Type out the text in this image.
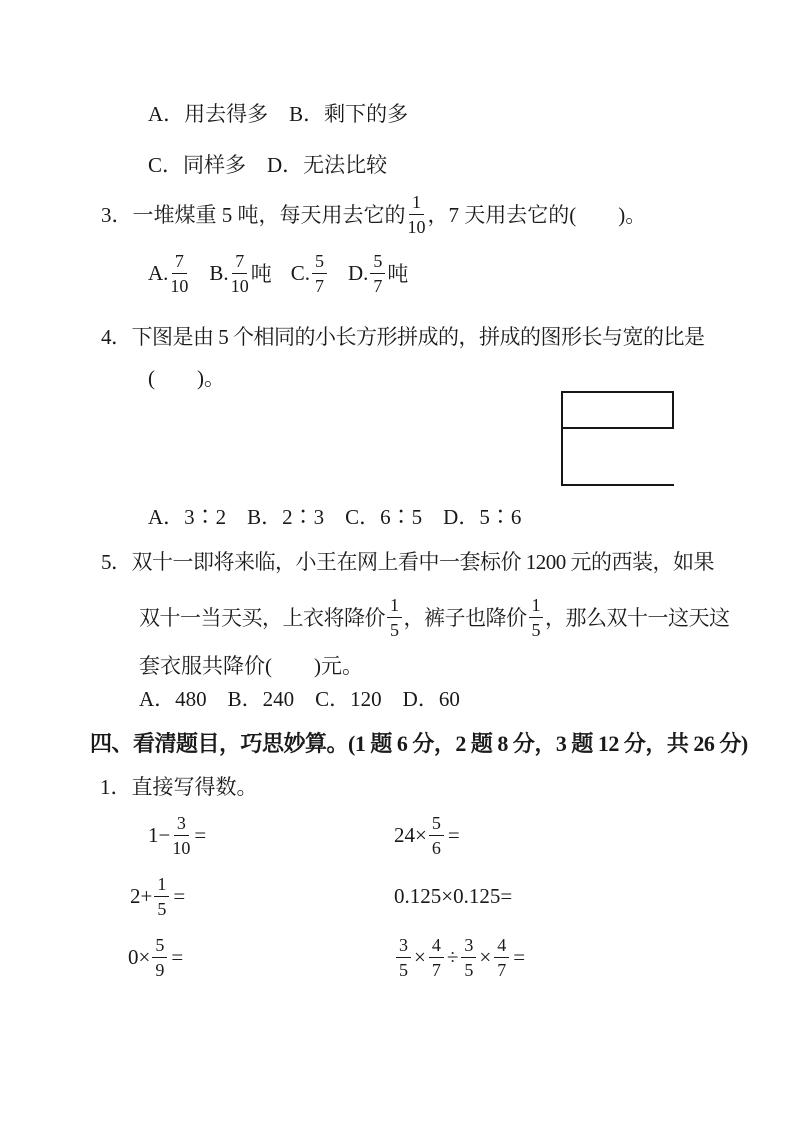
A．用去得多　B．剩下的多
C．同样多　D．无法比较
3． 一堆煤重 5 吨，每天用去它的 $\frac{1}{10}$ ，7 天用去它的(　　)。
A. $\frac{7}{10} B$. $\frac{7}{10}$ 吨 C. $\frac{5}{7} D$. $\frac{5}{7}$ 吨
4．下图是由 5 个相同的小长方形拼成的，拼成的图形长与宽的比是
(　　)。
A．3∶2　B．2∶3　C．6∶5　D．5∶6
5．双十一即将来临，小王在网上看中一套标价 1200 元的西装，如果
双十一当天买，上衣将降价 $\frac{1}{5}$ ，裤子也降价 $\frac{1}{5}$ ，那么双十一这天这
套衣服共降价(　　)元。
A．480　B．240　C．120　D．60
四、看清题目，巧思妙算。(1 题 6 分，2 题 8 分，3 题 12 分，共 26 分)
1．直接写得数。
$1- \frac{3}{10}$ =	$24\times \frac{5}{6}$ =
$2+ \frac{1}{5}$ =	0.125×0.125=
$0\times \frac{5}{9}$ =	$\frac{3}{5} \times \frac{4}{7} \div \frac{3}{5} \times \frac{4}{7}$ =
